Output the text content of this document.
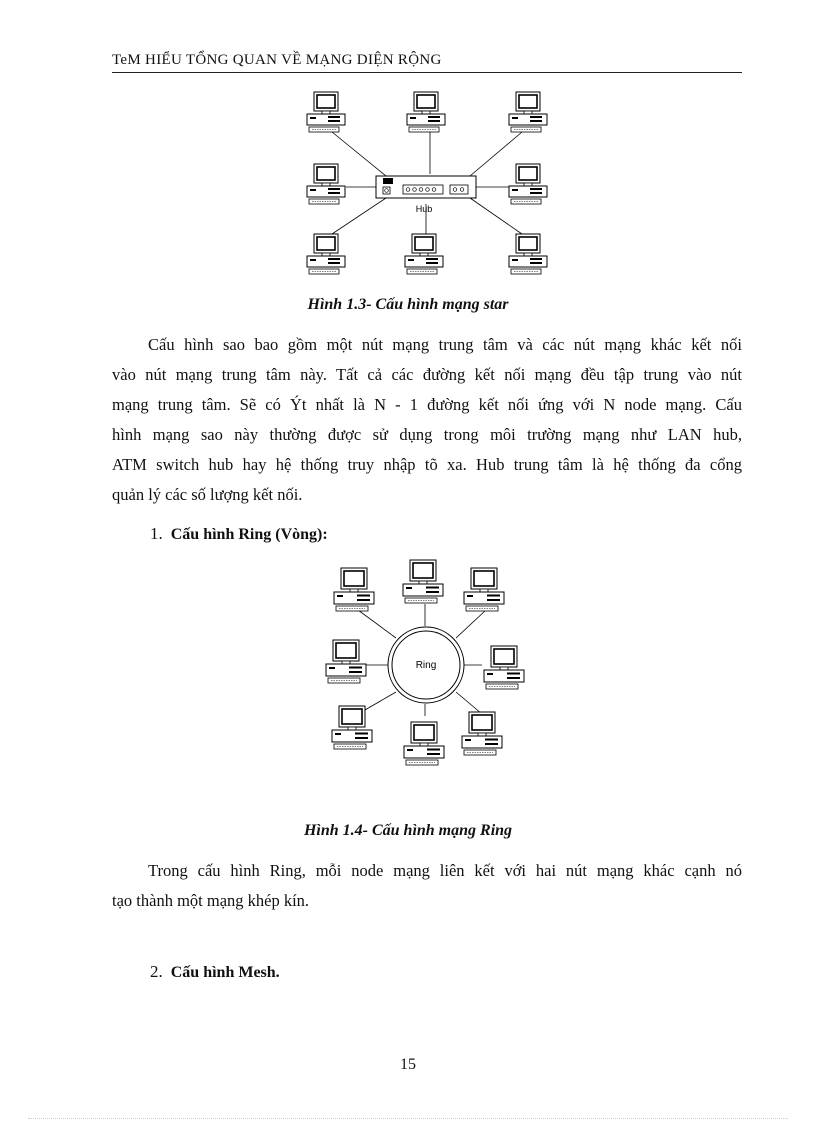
TeM HIỂU TỔNG QUAN VỀ MẠNG DIỆN RỘNG
Hub
Hình 1.3- Cấu hình mạng star
Cấu hình sao bao gồm một nút mạng trung tâm và các nút mạng khác kết nối
vào nút mạng trung tâm này. Tất cả các đường kết nối mạng đều tập trung vào nút
mạng trung tâm. Sẽ có Ýt nhất là N - 1 đường kết nối ứng với N node mạng. Cấu
hình mạng sao này thường được sử dụng trong môi trường mạng như LAN hub,
ATM switch hub hay hệ thống truy nhập tõ xa. Hub trung tâm là hệ thống đa cổng
quản lý các số lượng kết nối.
1. Cấu hình Ring (Vòng):
Ring
Hình 1.4- Cấu hình mạng Ring
Trong cấu hình Ring, mỗi node mạng liên kết với hai nút mạng khác cạnh nó
tạo thành một mạng khép kín.
2. Cấu hình Mesh.
15
